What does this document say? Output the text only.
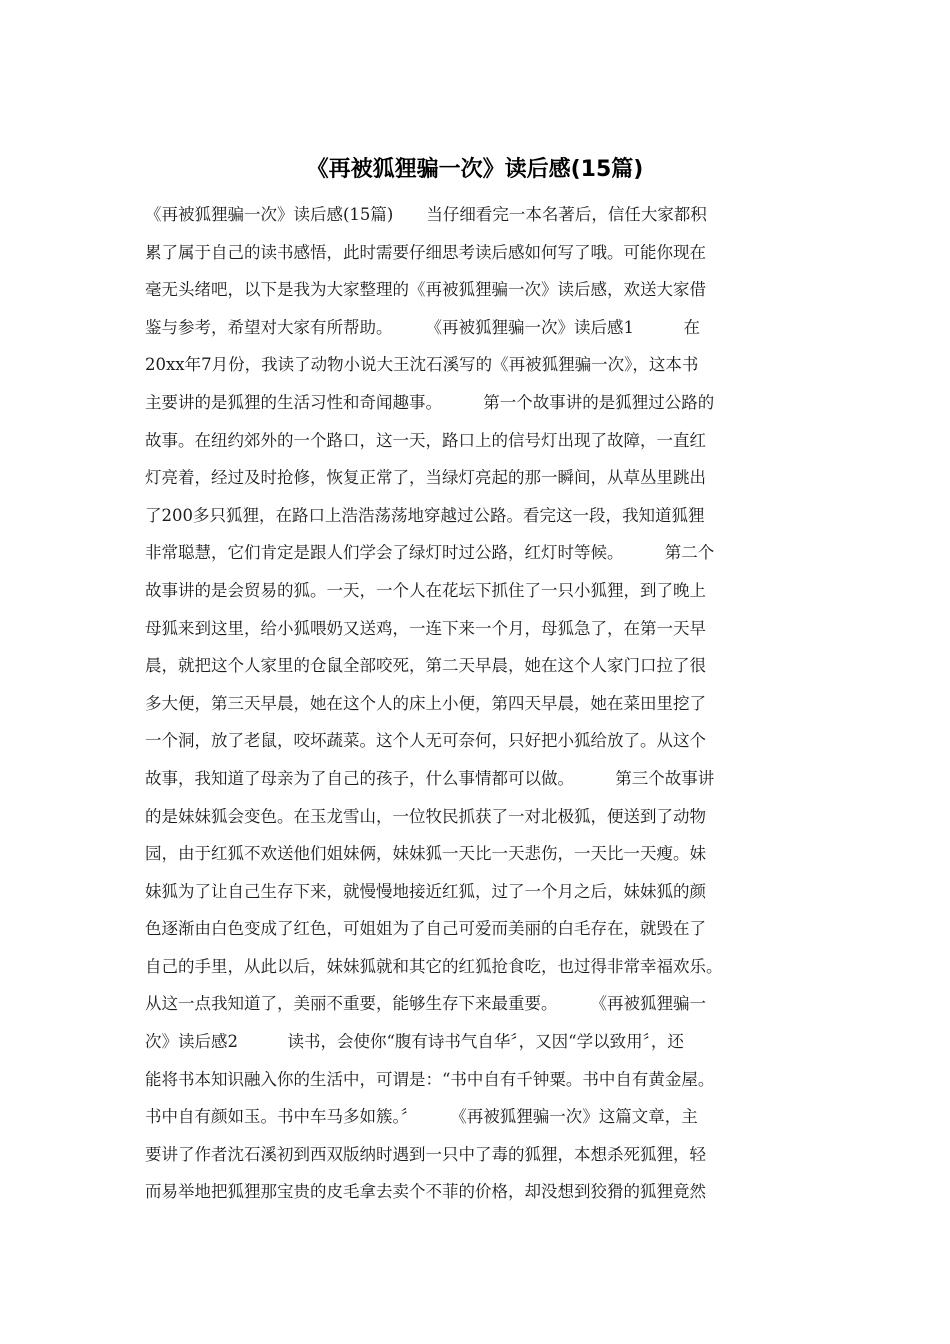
《再被狐狸骗一次》读后感(15篇)
《再被狐狸骗一次》读后感(15篇)　　当仔细看完一本名著后，信任大家都积
累了属于自己的读书感悟，此时需要仔细思考读后感如何写了哦。可能你现在
毫无头绪吧，以下是我为大家整理的《再被狐狸骗一次》读后感，欢送大家借
鉴与参考，希望对大家有所帮助。　　　《再被狐狸骗一次》读后感1　　　在
20xx年7月份，我读了动物小说大王沈石溪写的《再被狐狸骗一次》，这本书
主要讲的是狐狸的生活习性和奇闻趣事。　　　第一个故事讲的是狐狸过公路的
故事。在纽约郊外的一个路口，这一天，路口上的信号灯出现了故障，一直红
灯亮着，经过及时抢修，恢复正常了，当绿灯亮起的那一瞬间，从草丛里跳出
了200多只狐狸，在路口上浩浩荡荡地穿越过公路。看完这一段，我知道狐狸
非常聪慧，它们肯定是跟人们学会了绿灯时过公路，红灯时等候。　　　第二个
故事讲的是会贸易的狐。一天，一个人在花坛下抓住了一只小狐狸，到了晚上
母狐来到这里，给小狐喂奶又送鸡，一连下来一个月，母狐急了，在第一天早
晨，就把这个人家里的仓鼠全部咬死，第二天早晨，她在这个人家门口拉了很
多大便，第三天早晨，她在这个人的床上小便，第四天早晨，她在菜田里挖了
一个洞，放了老鼠，咬坏蔬菜。这个人无可奈何，只好把小狐给放了。从这个
故事，我知道了母亲为了自己的孩子，什么事情都可以做。　　　第三个故事讲
的是妹妹狐会变色。在玉龙雪山，一位牧民抓获了一对北极狐，便送到了动物
园，由于红狐不欢送他们姐妹俩，妹妹狐一天比一天悲伤，一天比一天瘦。妹
妹狐为了让自己生存下来，就慢慢地接近红狐，过了一个月之后，妹妹狐的颜
色逐渐由白色变成了红色，可姐姐为了自己可爱而美丽的白毛存在，就毁在了
自己的手里，从此以后，妹妹狐就和其它的红狐抢食吃，也过得非常幸福欢乐。
从这一点我知道了，美丽不重要，能够生存下来最重要。　　　《再被狐狸骗一
次》读后感2　　　读书，会使你“腹有诗书气自华〞，又因“学以致用〞，还
能将书本知识融入你的生活中，可谓是：“书中自有千钟粟。书中自有黄金屋。
书中自有颜如玉。书中车马多如簇。〞　　　《再被狐狸骗一次》这篇文章，主
要讲了作者沈石溪初到西双版纳时遇到一只中了毒的狐狸，本想杀死狐狸，轻
而易举地把狐狸那宝贵的皮毛拿去卖个不菲的价格，却没想到狡猾的狐狸竟然
